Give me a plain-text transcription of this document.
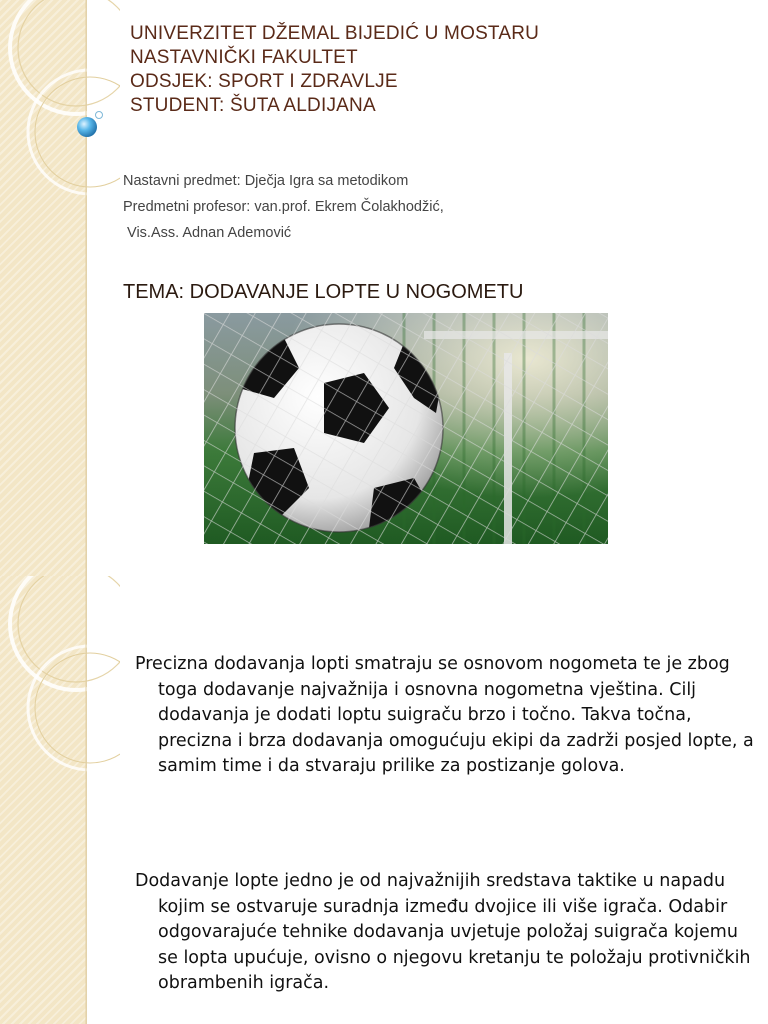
UNIVERZITET DŽEMAL BIJEDIĆ U MOSTARU
NASTAVNIČKI FAKULTET
ODSJEK: SPORT I ZDRAVLJE
STUDENT: ŠUTA ALDIJANA
Nastavni predmet: Dječja Igra sa metodikom
Predmetni profesor: van.prof. Ekrem Čolakhodžić,
Vis.Ass. Adnan Ademović
TEMA: DODAVANJE LOPTE U NOGOMETU

Precizna dodavanja lopti smatraju se osnovom nogometa te je zbog toga dodavanje najvažnija i osnovna nogometna vještina. Cilj dodavanja je dodati loptu suigraču brzo i točno. Takva točna, precizna i brza dodavanja omogućuju ekipi da zadrži posjed lopte, a samim time i da stvaraju prilike za postizanje golova.

Dodavanje lopte jedno je od najvažnijih sredstava taktike u napadu kojim se ostvaruje suradnja između dvojice ili više igrača. Odabir odgovarajuće tehnike dodavanja uvjetuje položaj suigrača kojemu se lopta upućuje, ovisno o njegovu kretanju te položaju protivničkih obrambenih igrača.
